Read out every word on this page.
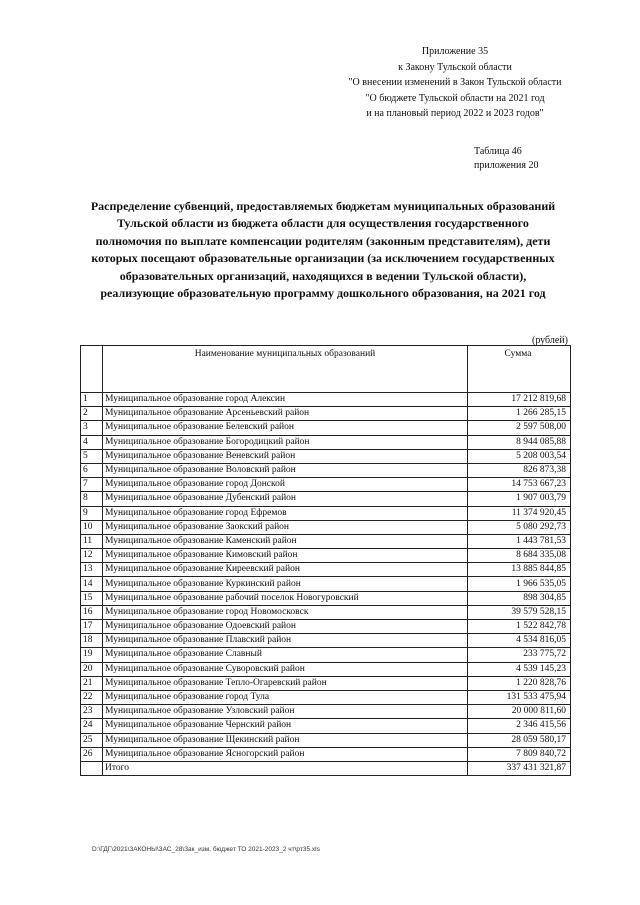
Приложение 35
к Закону Тульской области
"О внесении изменений в Закон Тульской области
"О бюджете Тульской области на 2021 год
и на плановый период 2022 и 2023 годов"
Таблица 46
приложения 20
Распределение субвенций, предоставляемых бюджетам муниципальных образований Тульской области из бюджета области для осуществления государственного полномочия по выплате компенсации родителям (законным представителям), дети которых посещают образовательные организации (за исключением государственных образовательных организаций, находящихся в ведении Тульской области), реализующие образовательную программу дошкольного образования, на 2021 год
(рублей)
	Наименование муниципальных образований	Сумма
1	Муниципальное образование город Алексин	17 212 819,68
2	Муниципальное образование Арсеньевский район	1 266 285,15
3	Муниципальное образование Белевский район	2 597 508,00
4	Муниципальное образование Богородицкий район	8 944 085,88
5	Муниципальное образование Веневский район	5 208 003,54
6	Муниципальное образование Воловский район	826 873,38
7	Муниципальное образование город Донской	14 753 667,23
8	Муниципальное образование Дубенский район	1 907 003,79
9	Муниципальное образование город Ефремов	11 374 920,45
10	Муниципальное образование Заокский район	5 080 292,73
11	Муниципальное образование Каменский район	1 443 781,53
12	Муниципальное образование Кимовский район	8 684 335,08
13	Муниципальное образование Киреевский район	13 885 844,85
14	Муниципальное образование Куркинский район	1 966 535,05
15	Муниципальное образование рабочий поселок Новогуровский	898 304,85
16	Муниципальное образование город Новомосковск	39 579 528,15
17	Муниципальное образование Одоевский район	1 522 842,78
18	Муниципальное образование Плавский район	4 534 816,05
19	Муниципальное образование Славный	233 775,72
20	Муниципальное образование Суворовский район	4 539 145,23
21	Муниципальное образование Тепло-Огаревский район	1 220 828,76
22	Муниципальное образование город Тула	131 533 475,94
23	Муниципальное образование Узловский район	20 000 811,60
24	Муниципальное образование Чернский район	2 346 415,56
25	Муниципальное образование Щекинский район	28 059 580,17
26	Муниципальное образование Ясногорский район	7 809 840,72
	Итого	337 431 321,87
D:\ГДГ\2021\ЗАКОНЫ\ЗАС_28\Зак_изм. бюджет ТО 2021-2023_2 чт\рт35.xls
